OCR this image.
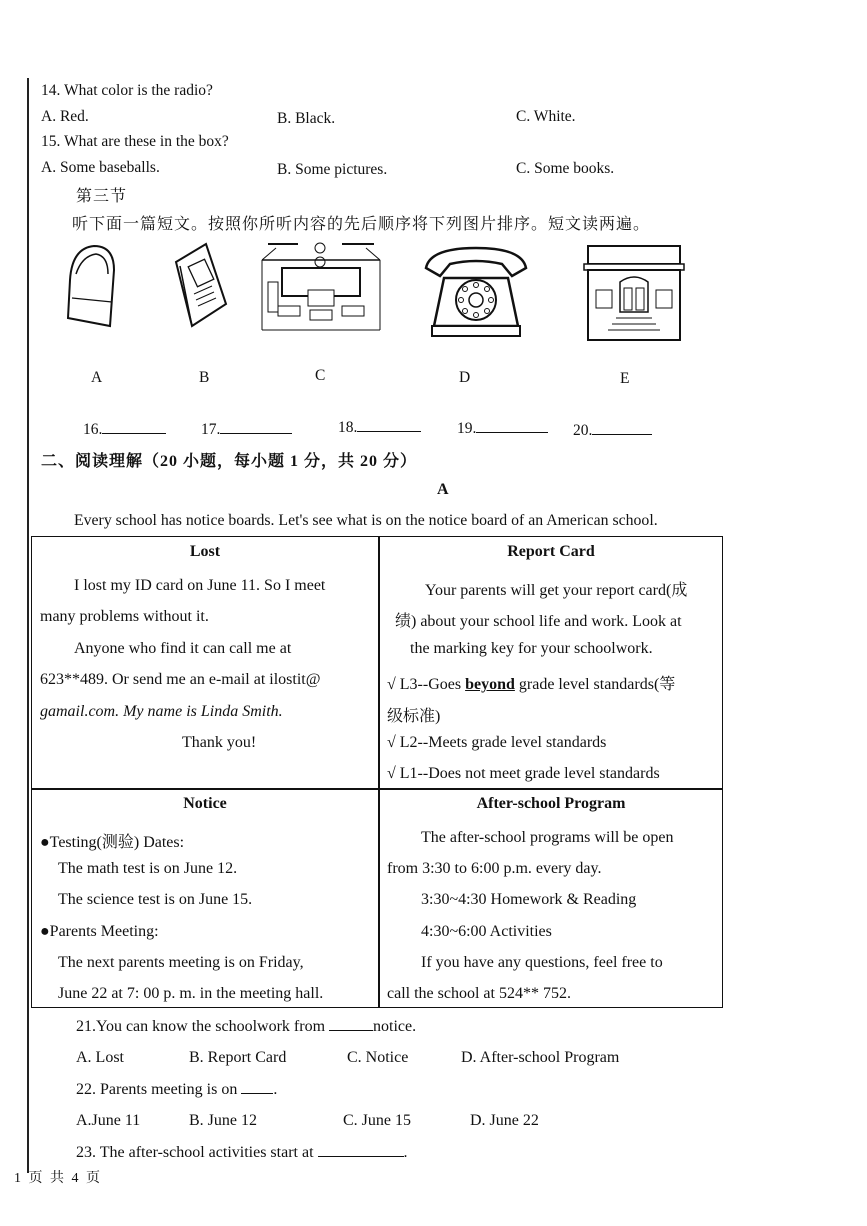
14. What color is the radio?
A. Red.	B. Black.	C. White.
15. What are these in the box?
A. Some baseballs.	B. Some pictures.	C. Some books.
第三节
听下面一篇短文。按照你所听内容的先后顺序将下列图片排序。短文读两遍。
A	B	C	D	E
16.	17.	18.	19.	20.
二、阅读理解（20 小题，每小题 1 分，共 20 分）
A
Every school has notice boards. Let's see what is on the notice board of an American school.
Lost
I lost my ID card on June 11. So I meet
many problems without it.
Anyone who find it can call me at
623**489. Or send me an e-mail at ilostit@
gamail.com. My name is Linda Smith.
Thank you!
Report Card
Your parents will get your report card(成
绩) about your school life and work. Look at
the marking key for your schoolwork.
√ L3--Goes beyond grade level standards(等
级标准)
√ L2--Meets grade level standards
√ L1--Does not meet grade level standards
Notice
●Testing(测验) Dates:
The math test is on June 12.
The science test is on June 15.
●Parents Meeting:
The next parents meeting is on Friday,
June 22 at 7: 00 p. m. in the meeting hall.
After-school Program
The after-school programs will be open
from 3:30 to 6:00 p.m. every day.
3:30~4:30 Homework & Reading
4:30~6:00 Activities
If you have any questions, feel free to
call the school at 524** 752.
21.You can know the schoolwork from	notice.
A. Lost	B. Report Card	C. Notice	D. After-school Program
22. Parents meeting is on .
A.June 11	B. June 12	C. June 15	D. June 22
23. The after-school activities start at	.
1 页 共 4 页
